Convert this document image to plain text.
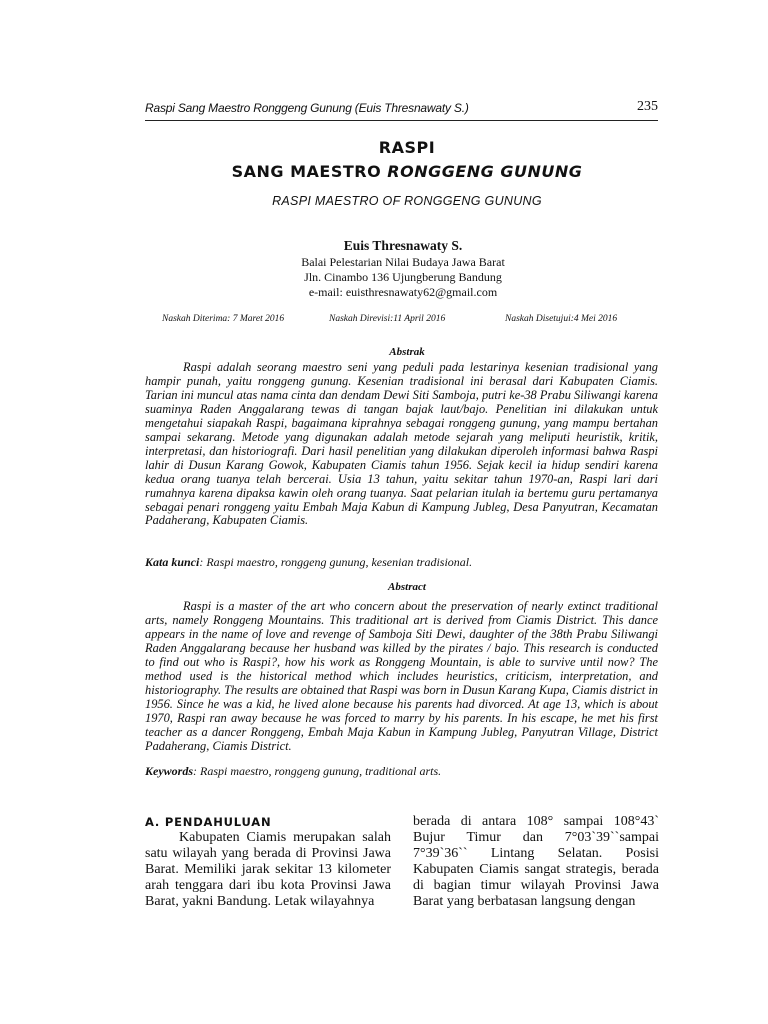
Raspi Sang Maestro Ronggeng Gunung (Euis Thresnawaty S.)	235
RASPI
SANG MAESTRO RONGGENG GUNUNG
RASPI MAESTRO OF RONGGENG GUNUNG
Euis Thresnawaty S.
Balai Pelestarian Nilai Budaya Jawa Barat
Jln. Cinambo 136 Ujungberung Bandung
e-mail: euisthresnawaty62@gmail.com
Naskah Diterima: 7 Maret 2016	Naskah Direvisi:11 April 2016	Naskah Disetujui:4 Mei 2016
Abstrak

Raspi adalah seorang maestro seni yang peduli pada lestarinya kesenian tradisional yang hampir punah, yaitu ronggeng gunung. Kesenian tradisional ini berasal dari Kabupaten Ciamis. Tarian ini muncul atas nama cinta dan dendam Dewi Siti Samboja, putri ke-38 Prabu Siliwangi karena suaminya Raden Anggalarang tewas di tangan bajak laut/bajo. Penelitian ini dilakukan untuk mengetahui siapakah Raspi, bagaimana kiprahnya sebagai ronggeng gunung, yang mampu bertahan sampai sekarang. Metode yang digunakan adalah metode sejarah yang meliputi heuristik, kritik, interpretasi, dan historiografi. Dari hasil penelitian yang dilakukan diperoleh informasi bahwa Raspi lahir di Dusun Karang Gowok, Kabupaten Ciamis tahun 1956. Sejak kecil ia hidup sendiri karena kedua orang tuanya telah bercerai. Usia 13 tahun, yaitu sekitar tahun 1970-an, Raspi lari dari rumahnya karena dipaksa kawin oleh orang tuanya. Saat pelarian itulah ia bertemu guru pertamanya sebagai penari ronggeng yaitu Embah Maja Kabun di Kampung Jubleg, Desa Panyutran, Kecamatan Padaherang, Kabupaten Ciamis.

Kata kunci: Raspi maestro, ronggeng gunung, kesenian tradisional.
Abstract

Raspi is a master of the art who concern about the preservation of nearly extinct traditional arts, namely Ronggeng Mountains. This traditional art is derived from Ciamis District. This dance appears in the name of love and revenge of Samboja Siti Dewi, daughter of the 38th Prabu Siliwangi Raden Anggalarang because her husband was killed by the pirates / bajo. This research is conducted to find out who is Raspi?, how his work as Ronggeng Mountain, is able to survive until now? The method used is the historical method which includes heuristics, criticism, interpretation, and historiography. The results are obtained that Raspi was born in Dusun Karang Kupa, Ciamis district in 1956. Since he was a kid, he lived alone because his parents had divorced. At age 13, which is about 1970, Raspi ran away because he was forced to marry by his parents. In his escape, he met his first teacher as a dancer Ronggeng, Embah Maja Kabun in Kampung Jubleg, Panyutran Village, District Padaherang, Ciamis District.

Keywords: Raspi maestro, ronggeng gunung, traditional arts.
A. PENDAHULUAN
Kabupaten Ciamis merupakan salah satu wilayah yang berada di Provinsi Jawa Barat. Memiliki jarak sekitar 13 kilometer arah tenggara dari ibu kota Provinsi Jawa Barat, yakni Bandung. Letak wilayahnya
berada di antara 108° sampai 108°43` Bujur Timur dan 7°03`39``sampai 7°39`36`` Lintang Selatan. Posisi Kabupaten Ciamis sangat strategis, berada di bagian timur wilayah Provinsi Jawa Barat yang berbatasan langsung dengan
